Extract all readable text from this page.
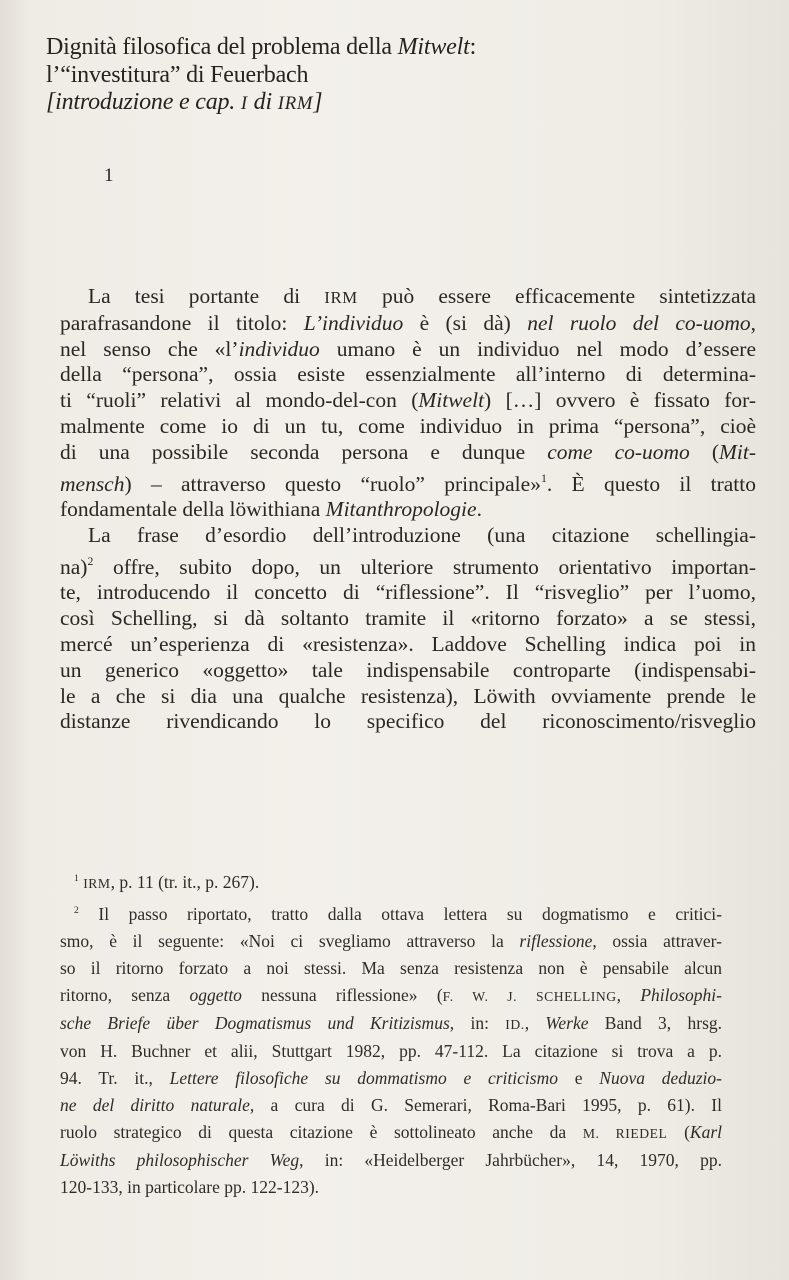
Dignità filosofica del problema della Mitwelt:
l’“investitura” di Feuerbach
[introduzione e cap. I di IRM]
1
La tesi portante di IRM può essere efficacemente sintetizzata
parafrasandone il titolo: L’individuo è (si dà) nel ruolo del co-uomo,
nel senso che «l’individuo umano è un individuo nel modo d’essere
della “persona”, ossia esiste essenzialmente all’interno di determina-
ti “ruoli” relativi al mondo-del-con (Mitwelt) […] ovvero è fissato for-
malmente come io di un tu, come individuo in prima “persona”, cioè
di una possibile seconda persona e dunque come co-uomo (Mit-
mensch) – attraverso questo “ruolo” principale»$^1$. È questo il tratto
fondamentale della löwithiana Mitanthropologie.
La frase d’esordio dell’introduzione (una citazione schellingia-
na)$^2$ offre, subito dopo, un ulteriore strumento orientativo importan-
te, introducendo il concetto di “riflessione”. Il “risveglio” per l’uomo,
così Schelling, si dà soltanto tramite il «ritorno forzato» a se stessi,
mercé un’esperienza di «resistenza». Laddove Schelling indica poi in
un generico «oggetto» tale indispensabile controparte (indispensabi-
le a che si dia una qualche resistenza), Löwith ovviamente prende le
distanze rivendicando lo specifico del riconoscimento/risveglio
$^1$ IRM, p. 11 (tr. it., p. 267).
$^2$ Il passo riportato, tratto dalla ottava lettera su dogmatismo e critici-
smo, è il seguente: «Noi ci svegliamo attraverso la riflessione, ossia attraver-
so il ritorno forzato a noi stessi. Ma senza resistenza non è pensabile alcun
ritorno, senza oggetto nessuna riflessione» (F. W. J. SCHELLING, Philosophi-
sche Briefe über Dogmatismus und Kritizismus, in: ID., Werke Band 3, hrsg.
von H. Buchner et alii, Stuttgart 1982, pp. 47-112. La citazione si trova a p.
94. Tr. it., Lettere filosofiche su dommatismo e criticismo e Nuova deduzio-
ne del diritto naturale, a cura di G. Semerari, Roma-Bari 1995, p. 61). Il
ruolo strategico di questa citazione è sottolineato anche da M. RIEDEL (Karl
Löwiths philosophischer Weg, in: «Heidelberger Jahrbücher», 14, 1970, pp.
120-133, in particolare pp. 122-123).
